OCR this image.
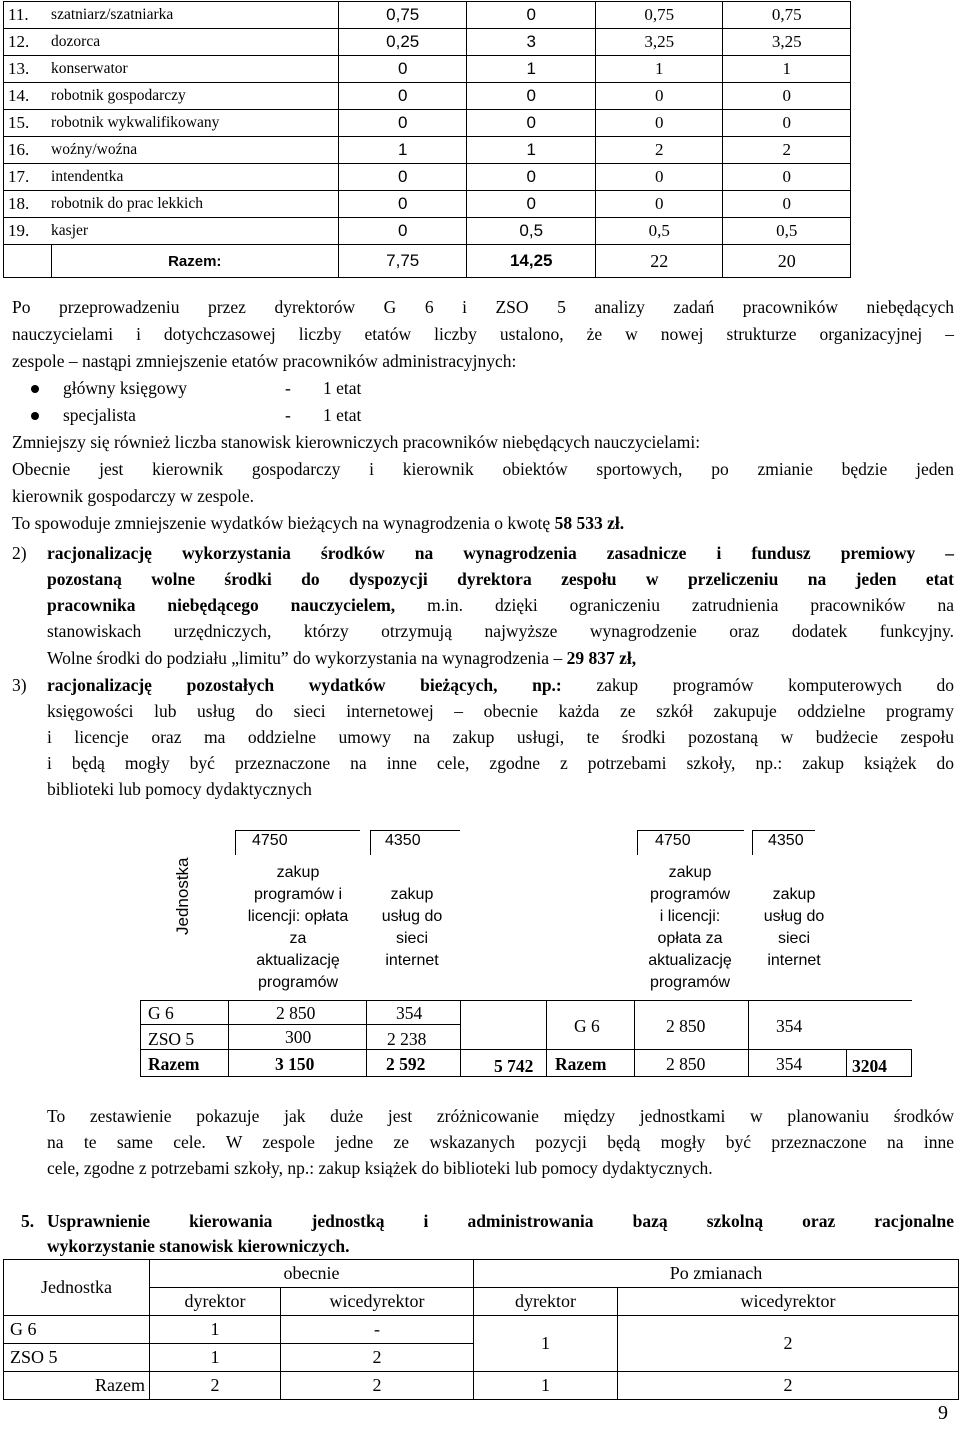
11.	szatniarz/szatniarka	0,75	0	0,75	0,75
12.	dozorca	0,25	3	3,25	3,25
13.	konserwator	0	1	1	1
14.	robotnik gospodarczy	0	0	0	0
15.	robotnik wykwalifikowany	0	0	0	0
16.	woźny/woźna	1	1	2	2
17.	intendentka	0	0	0	0
18.	robotnik do prac lekkich	0	0	0	0
19.	kasjer	0	0,5	0,5	0,5
	Razem:	7,75	14,25	22	20
Po przeprowadzeniu przez dyrektorów G 6 i ZSO 5 analizy zadań pracowników niebędących
nauczycielami i dotychczasowej liczby etatów liczby ustalono, że w nowej strukturze organizacyjnej –
zespole – nastąpi zmniejszenie etatów pracowników administracyjnych:
główny księgowy	- 1 etat
specjalista	- 1 etat
Zmniejszy się również liczba stanowisk kierowniczych pracowników niebędących nauczycielami:
Obecnie jest kierownik gospodarczy i kierownik obiektów sportowych, po zmianie będzie jeden
kierownik gospodarczy w zespole.
To spowoduje zmniejszenie wydatków bieżących na wynagrodzenia o kwotę 58 533 zł.
2) racjonalizację wykorzystania środków na wynagrodzenia zasadnicze i fundusz premiowy –
pozostaną wolne środki do dyspozycji dyrektora zespołu w przeliczeniu na jeden etat
pracownika niebędącego nauczycielem, m.in. dzięki ograniczeniu zatrudnienia pracowników na
stanowiskach urzędniczych, którzy otrzymują najwyższe wynagrodzenie oraz dodatek funkcyjny.
Wolne środki do podziału „limitu” do wykorzystania na wynagrodzenia – 29 837 zł,
3) racjonalizację pozostałych wydatków bieżących, np.: zakup programów komputerowych do
księgowości lub usług do sieci internetowej – obecnie każda ze szkół zakupuje oddzielne programy
i licencje oraz ma oddzielne umowy na zakup usługi, te środki pozostaną w budżecie zespołu
i będą mogły być przeznaczone na inne cele, zgodne z potrzebami szkoły, np.: zakup książek do
biblioteki lub pomocy dydaktycznych
Jednostka
4750	4350	4750	4350
zakup
programów i
licencji: opłata
za
aktualizację
programów
zakup
usług do
sieci
internet
zakup
programów
i licencji:
opłata za
aktualizację
programów
zakup
usług do
sieci
internet
G 6	2 850	354
ZSO 5	300	2 238
Razem	3 150	2 592	5 742
G 6	2 850	354
Razem	2 850	354	3204
To zestawienie pokazuje jak duże jest zróżnicowanie między jednostkami w planowaniu środków
na te same cele. W zespole jedne ze wskazanych pozycji będą mogły być przeznaczone na inne
cele, zgodne z potrzebami szkoły, np.: zakup książek do biblioteki lub pomocy dydaktycznych.
5. Usprawnienie kierowania jednostką i administrowania bazą szkolną oraz racjonalne
wykorzystanie stanowisk kierowniczych.
Jednostka	obecnie		Po zmianach	
	dyrektor	wicedyrektor	dyrektor	wicedyrektor
G 6	1	-	1	2
ZSO 5	1	2		
Razem	2	2	1	2
9
